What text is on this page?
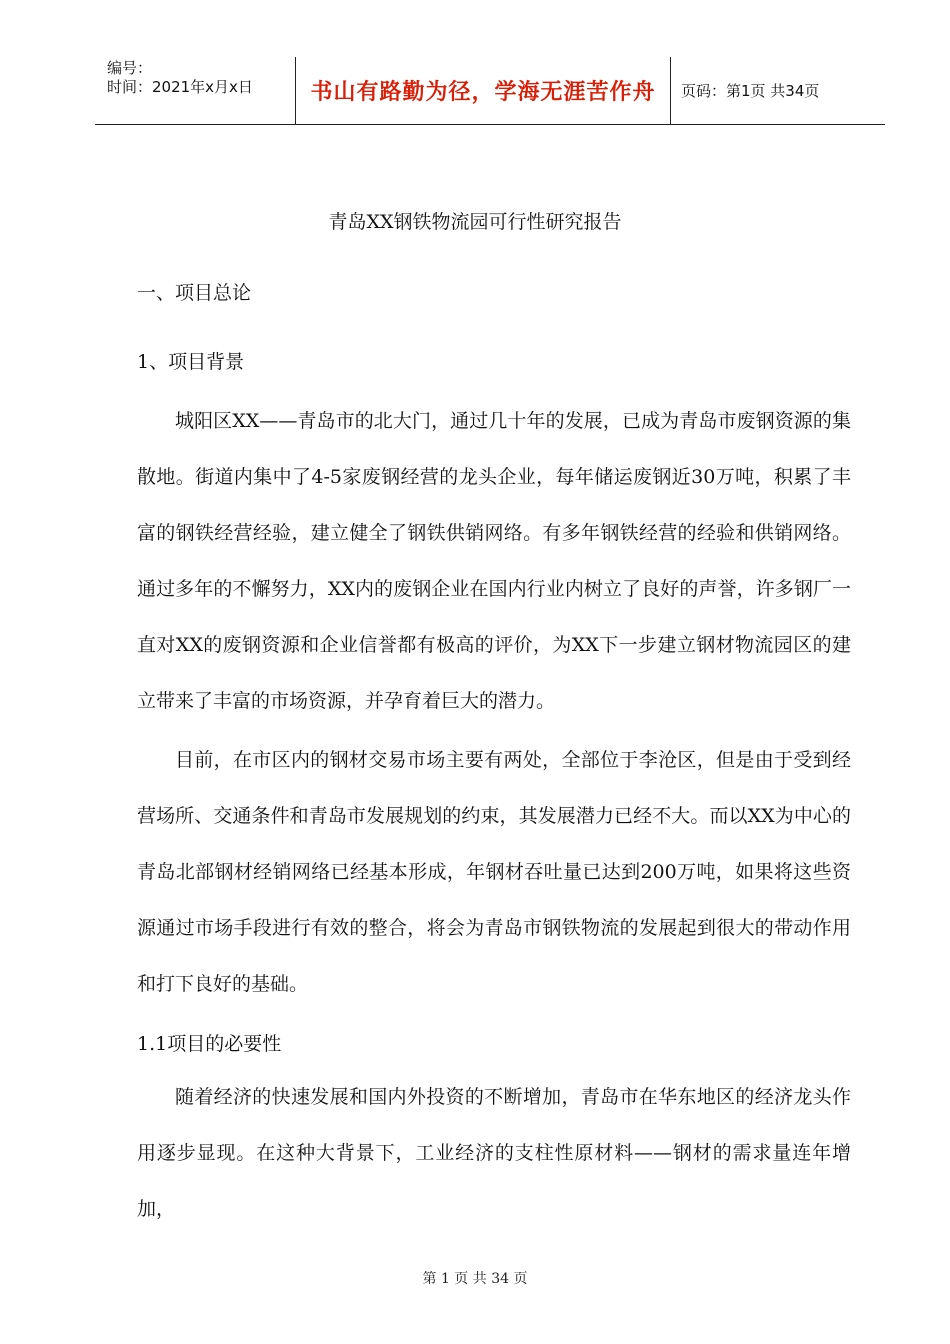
编号：
时间：2021年x月x日	书山有路勤为径，学海无涯苦作舟	页码：第1页 共34页
青岛XX钢铁物流园可行性研究报告
一、项目总论
1、项目背景

城阳区XX——青岛市的北大门，通过几十年的发展，已成为青岛市废钢资源的集散地。街道内集中了4-5家废钢经营的龙头企业，每年储运废钢近30万吨，积累了丰富的钢铁经营经验，建立健全了钢铁供销网络。有多年钢铁经营的经验和供销网络。通过多年的不懈努力，XX内的废钢企业在国内行业内树立了良好的声誉，许多钢厂一直对XX的废钢资源和企业信誉都有极高的评价，为XX下一步建立钢材物流园区的建立带来了丰富的市场资源，并孕育着巨大的潜力。

目前，在市区内的钢材交易市场主要有两处，全部位于李沧区，但是由于受到经营场所、交通条件和青岛市发展规划的约束，其发展潜力已经不大。而以XX为中心的青岛北部钢材经销网络已经基本形成，年钢材吞吐量已达到200万吨，如果将这些资源通过市场手段进行有效的整合，将会为青岛市钢铁物流的发展起到很大的带动作用和打下良好的基础。

1.1项目的必要性

随着经济的快速发展和国内外投资的不断增加，青岛市在华东地区的经济龙头作用逐步显现。在这种大背景下，工业经济的支柱性原材料——钢材的需求量连年增加，

第 1 页 共 34 页
